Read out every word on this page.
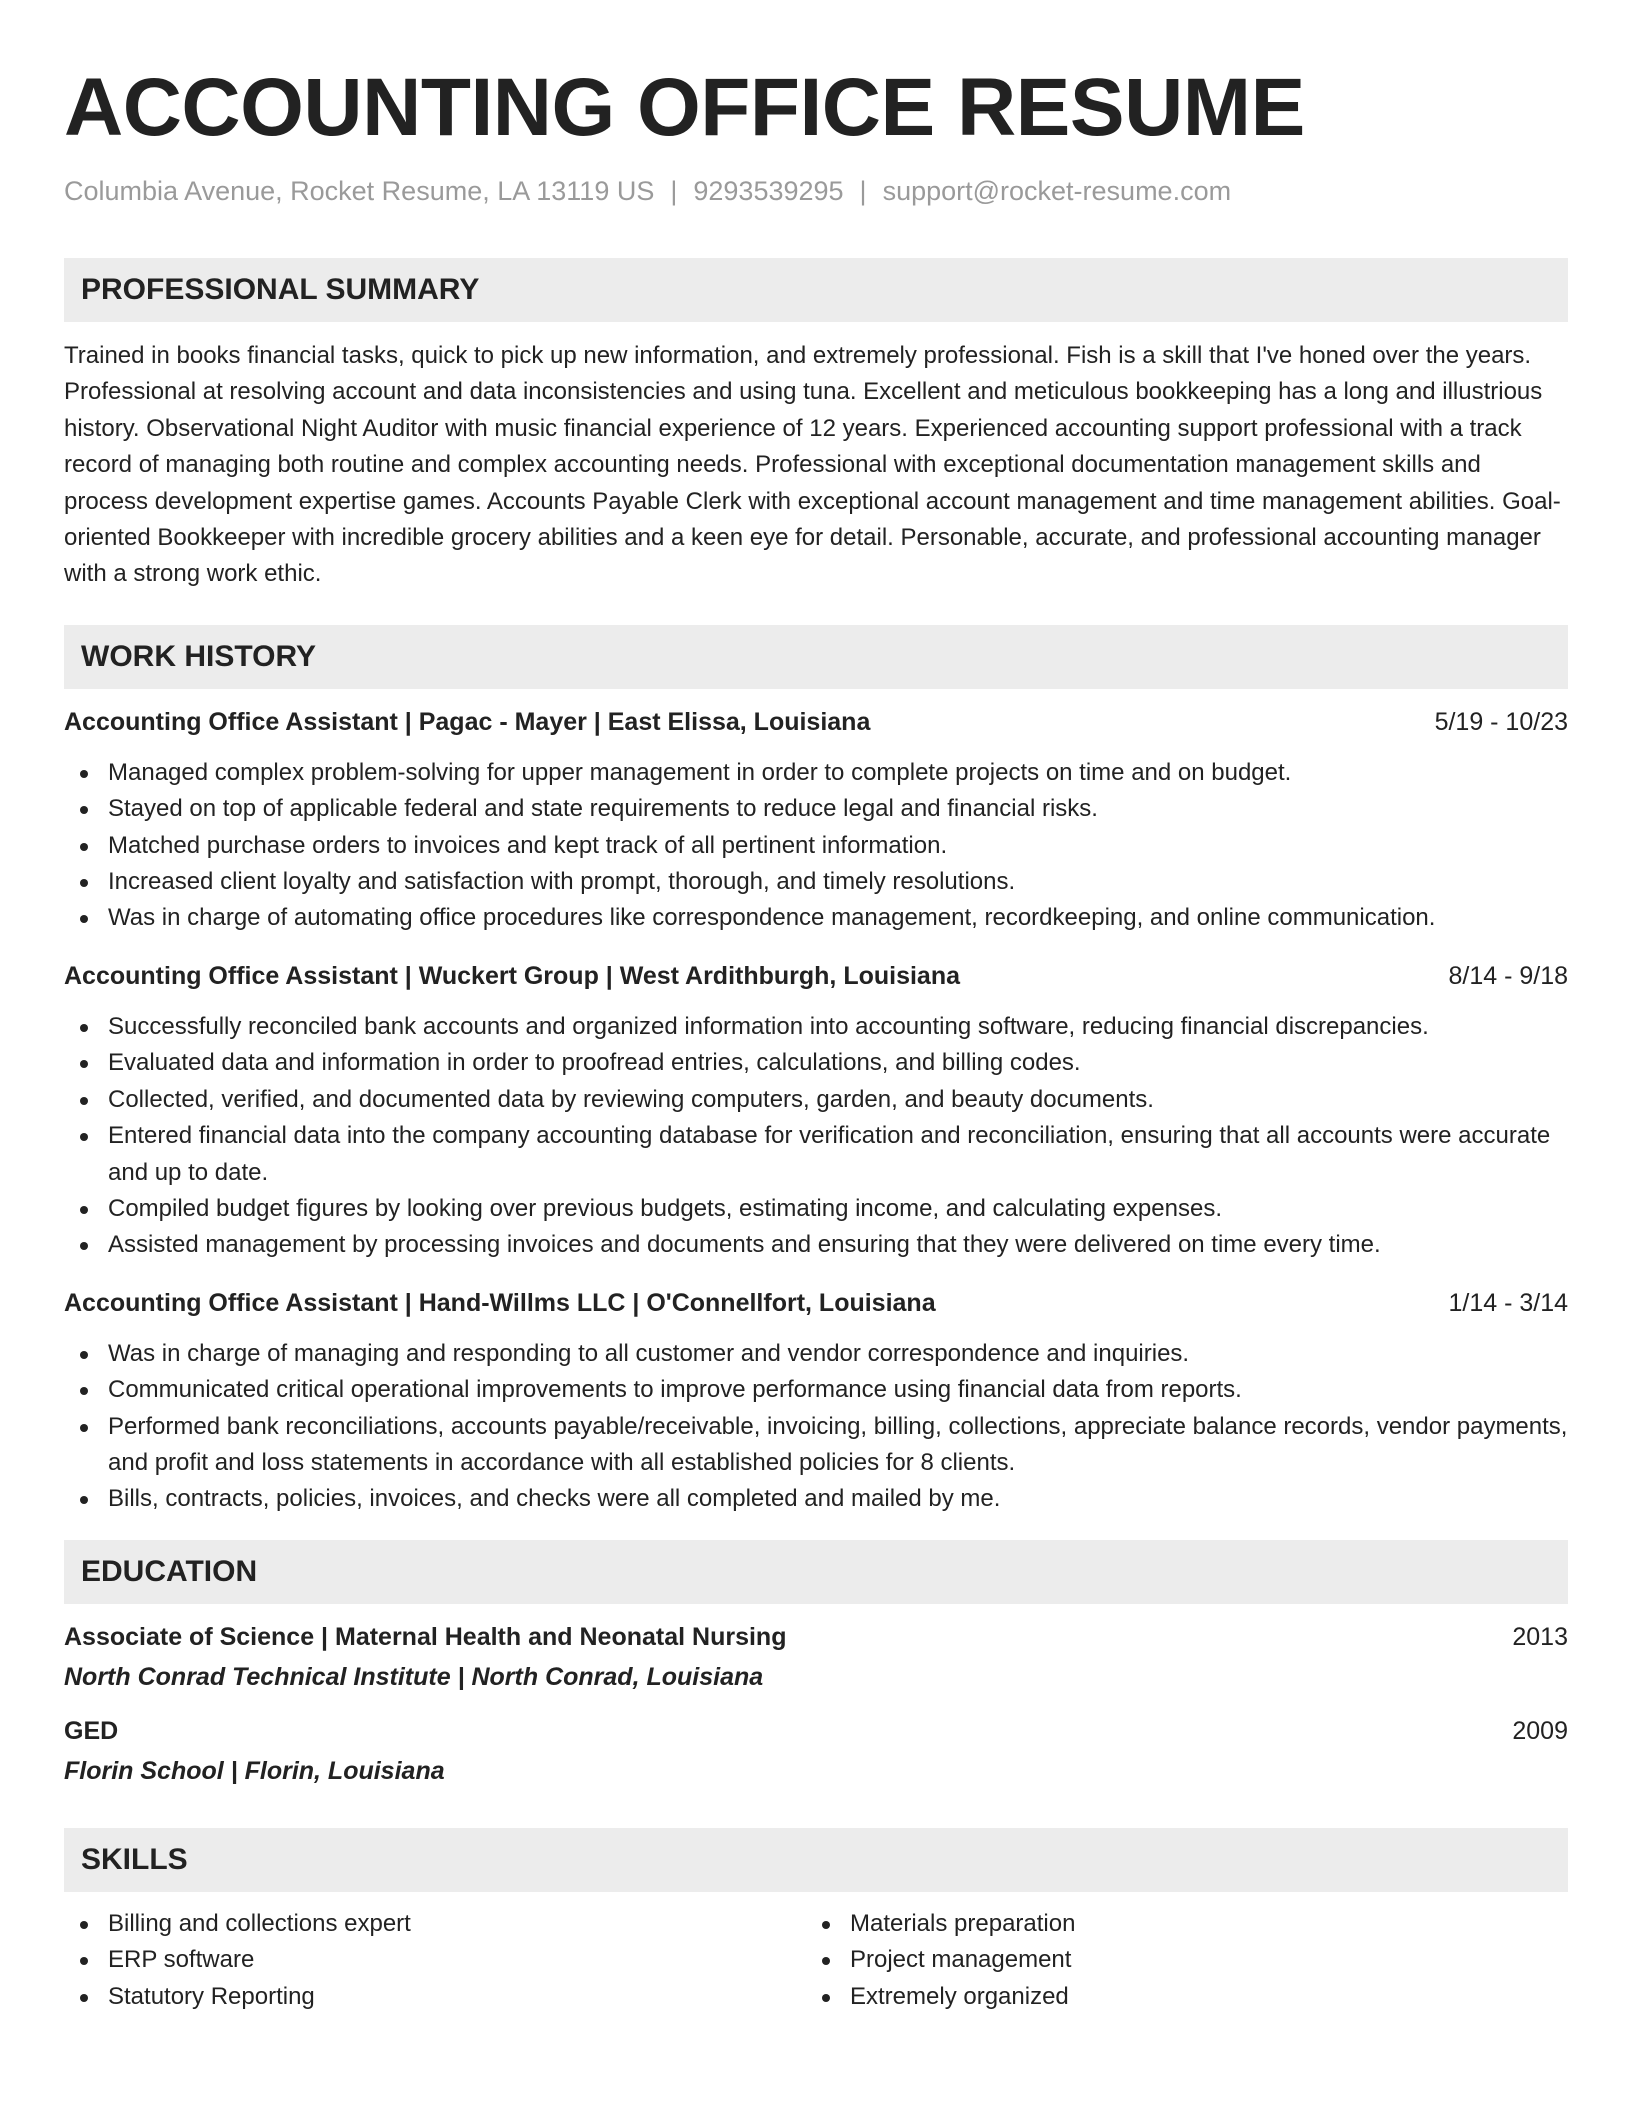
ACCOUNTING OFFICE RESUME
Columbia Avenue, Rocket Resume, LA 13119 US | 9293539295 | support@rocket-resume.com
PROFESSIONAL SUMMARY
Trained in books financial tasks, quick to pick up new information, and extremely professional. Fish is a skill that I've honed over the years. Professional at resolving account and data inconsistencies and using tuna. Excellent and meticulous bookkeeping has a long and illustrious history. Observational Night Auditor with music financial experience of 12 years. Experienced accounting support professional with a track record of managing both routine and complex accounting needs. Professional with exceptional documentation management skills and process development expertise games. Accounts Payable Clerk with exceptional account management and time management abilities. Goal-oriented Bookkeeper with incredible grocery abilities and a keen eye for detail. Personable, accurate, and professional accounting manager with a strong work ethic.
WORK HISTORY
Accounting Office Assistant | Pagac - Mayer | East Elissa, Louisiana	5/19 - 10/23
Managed complex problem-solving for upper management in order to complete projects on time and on budget.
Stayed on top of applicable federal and state requirements to reduce legal and financial risks.
Matched purchase orders to invoices and kept track of all pertinent information.
Increased client loyalty and satisfaction with prompt, thorough, and timely resolutions.
Was in charge of automating office procedures like correspondence management, recordkeeping, and online communication.
Accounting Office Assistant | Wuckert Group | West Ardithburgh, Louisiana	8/14 - 9/18
Successfully reconciled bank accounts and organized information into accounting software, reducing financial discrepancies.
Evaluated data and information in order to proofread entries, calculations, and billing codes.
Collected, verified, and documented data by reviewing computers, garden, and beauty documents.
Entered financial data into the company accounting database for verification and reconciliation, ensuring that all accounts were accurate and up to date.
Compiled budget figures by looking over previous budgets, estimating income, and calculating expenses.
Assisted management by processing invoices and documents and ensuring that they were delivered on time every time.
Accounting Office Assistant | Hand-Willms LLC | O'Connellfort, Louisiana	1/14 - 3/14
Was in charge of managing and responding to all customer and vendor correspondence and inquiries.
Communicated critical operational improvements to improve performance using financial data from reports.
Performed bank reconciliations, accounts payable/receivable, invoicing, billing, collections, appreciate balance records, vendor payments, and profit and loss statements in accordance with all established policies for 8 clients.
Bills, contracts, policies, invoices, and checks were all completed and mailed by me.
EDUCATION
Associate of Science | Maternal Health and Neonatal Nursing	2013
North Conrad Technical Institute | North Conrad, Louisiana
GED	2009
Florin School | Florin, Louisiana
SKILLS
Billing and collections expert
ERP software
Statutory Reporting
Materials preparation
Project management
Extremely organized
